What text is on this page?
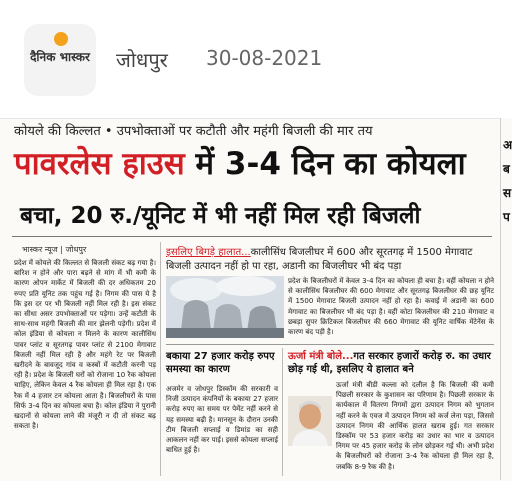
दैनिक भास्कर जोधपुर 30-08-2021
कोयले की किल्लत • उपभोक्ताओं पर कटौती और महंगी बिजली की मार तय
पावरलेस हाउस में 3-4 दिन का कोयला
बचा, 20 रु./यूनिट में भी नहीं मिल रही बिजली
भास्कर न्यूज | जोधपुर
प्रदेश में कोयले की किल्लत से बिजली संकट बढ़ गया है। बारिश न होने और पारा बढ़ने से मांग में भी कमी के कारण ओपन मार्केट में बिजली की दर अधिकतम 20 रुपए प्रति यूनिट तक पहुंच गई है। निगम की पास ये है कि इस दर पर भी बिजली नहीं मिल रही है। इस संकट का सीधा असर उपभोक्ताओं पर पड़ेगा। उन्हें कटौती के साथ-साथ महंगी बिजली की मार झेलनी पड़ेगी। प्रदेश में कोल इंडिया से कोयला न मिलने के कारण कालीसिंध पावर प्लांट व सूरतगढ़ पावर प्लांट से 2100 मेगावाट बिजली नहीं मिल रही है और महंगे रेट पर बिजली खरीदने के बावजूद गांव व कस्बों में कटौती करनी पड़ रही है। प्रदेश के बिजली घरों को रोजाना 10 रैक कोयला चाहिए, लेकिन केवल 4 रैक कोयला ही मिल रहा है। एक रैक में 4 हजार टन कोयला आता है। बिजलीघरों के पास सिर्फ 3-4 दिन का कोयला बचा है। कोल इंडिया ने पुरानी खदानों से कोयला लाने की मंजूरी न दी तो संकट बढ़ सकता है।
इसलिए बिगड़े हालात...कालीसिंध बिजलीघर में 600 और सूरतगढ़ में 1500 मेगावाट बिजली उत्पादन नहीं हो पा रहा, अडानी का बिजलीघर भी बंद पड़ा
प्रदेश के बिजलीघरों में केवल 3-4 दिन का कोयला ही बचा है। वहीं कोयला न होने से कालीसिंध बिजलीघर की 600 मेगावाट और सूरतगढ़ बिजलीघर की छह यूनिट में 1500 मेगावाट बिजली उत्पादन नहीं हो रहा है। कवाई में अडानी का 600 मेगावाट का बिजलीघर भी बंद पड़ा है। वहीं कोटा बिजलीघर की 210 मेगावाट व छबड़ा सुपर क्रिटिकल बिजलीघर की 660 मेगावाट की यूनिट वार्षिक मेंटेनेंस के कारण बंद पड़ी है।
बकाया 27 हजार करोड़ रुपए समस्या का कारण
अजमेर व जोधपुर डिस्कॉम की सरकारी व निजी उत्पादन कंपनियों के बकाया 27 हजार करोड़ रुपए का समय पर पेमेंट नहीं करने से यह समस्या बढ़ी है। मानसून के दौरान उनकी टीम बिजली सप्लाई व डिमांड का सही आकलन नहीं कर पाई। इससे कोयला सप्लाई बाधित हुई है।
ऊर्जा मंत्री बोले...गत सरकार हजारों करोड़ रु. का उधार छोड़ गई थी, इसलिए ये हालात बने
ऊर्जा मंत्री बीडी कल्ला को दलील है कि बिजली की कमी पिछली सरकार के कुशासन का परिणाम है। पिछली सरकार के कार्यकाल में वितरण निगमों द्वारा उत्पादन निगम को भुगतान नहीं करने के एवज में उत्पादन निगम को कर्ज लेना पड़ा, जिससे उत्पादन निगम की आर्थिक हालत खराब हुई। गत सरकार डिस्कॉम पर 53 हजार करोड़ का उधार का भार व उत्पादन निगम पर 45 हजार करोड़ के लोन छोड़कर गई थी। अभी प्रदेश के बिजलीघरों को रोजाना 3-4 रैक कोयला ही मिल रहा है, जबकि 8-9 रैक की है।
अ
ब
स
प
